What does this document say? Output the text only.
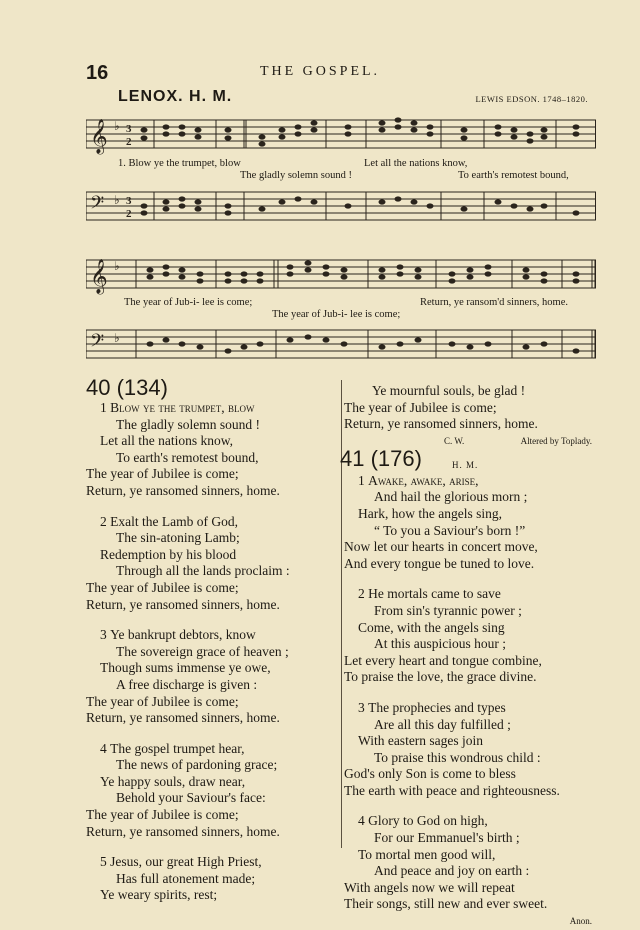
16	THE GOSPEL.
LENOX. H. M.	LEWIS EDSON. 1748–1820.
𝄞 ♭ 3
2
1. Blow ye the trumpet, blow
The gladly solemn sound !
Let all the nations know,
To earth's remotest bound,
𝄢 ♭ 3
2
𝄞 ♭
The year of Jub-i- lee is come;
The year of Jub-i- lee is come;
Return, ye ransom'd sinners, home.
𝄢 ♭
40 (134)
1 Blow ye the trumpet, blow
The gladly solemn sound !
Let all the nations know,
To earth's remotest bound,
The year of Jubilee is come;
Return, ye ransomed sinners, home.
2 Exalt the Lamb of God,
The sin-atoning Lamb;
Redemption by his blood
Through all the lands proclaim :
The year of Jubilee is come;
Return, ye ransomed sinners, home.
3 Ye bankrupt debtors, know
The sovereign grace of heaven ;
Though sums immense ye owe,
A free discharge is given :
The year of Jubilee is come;
Return, ye ransomed sinners, home.
4 The gospel trumpet hear,
The news of pardoning grace;
Ye happy souls, draw near,
Behold your Saviour's face:
The year of Jubilee is come;
Return, ye ransomed sinners, home.
5 Jesus, our great High Priest,
Has full atonement made;
Ye weary spirits, rest;
Ye mournful souls, be glad !
The year of Jubilee is come;
Return, ye ransomed sinners, home.
C. W.	Altered by Toplady.
41 (176)	H. M.
1 Awake, awake, arise,
And hail the glorious morn ;
Hark, how the angels sing,
“ To you a Saviour's born !”
Now let our hearts in concert move,
And every tongue be tuned to love.
2 He mortals came to save
From sin's tyrannic power ;
Come, with the angels sing
At this auspicious hour ;
Let every heart and tongue combine,
To praise the love, the grace divine.
3 The prophecies and types
Are all this day fulfilled ;
With eastern sages join
To praise this wondrous child :
God's only Son is come to bless
The earth with peace and righteousness.
4 Glory to God on high,
For our Emmanuel's birth ;
To mortal men good will,
And peace and joy on earth :
With angels now we will repeat
Their songs, still new and ever sweet.
Anon.
